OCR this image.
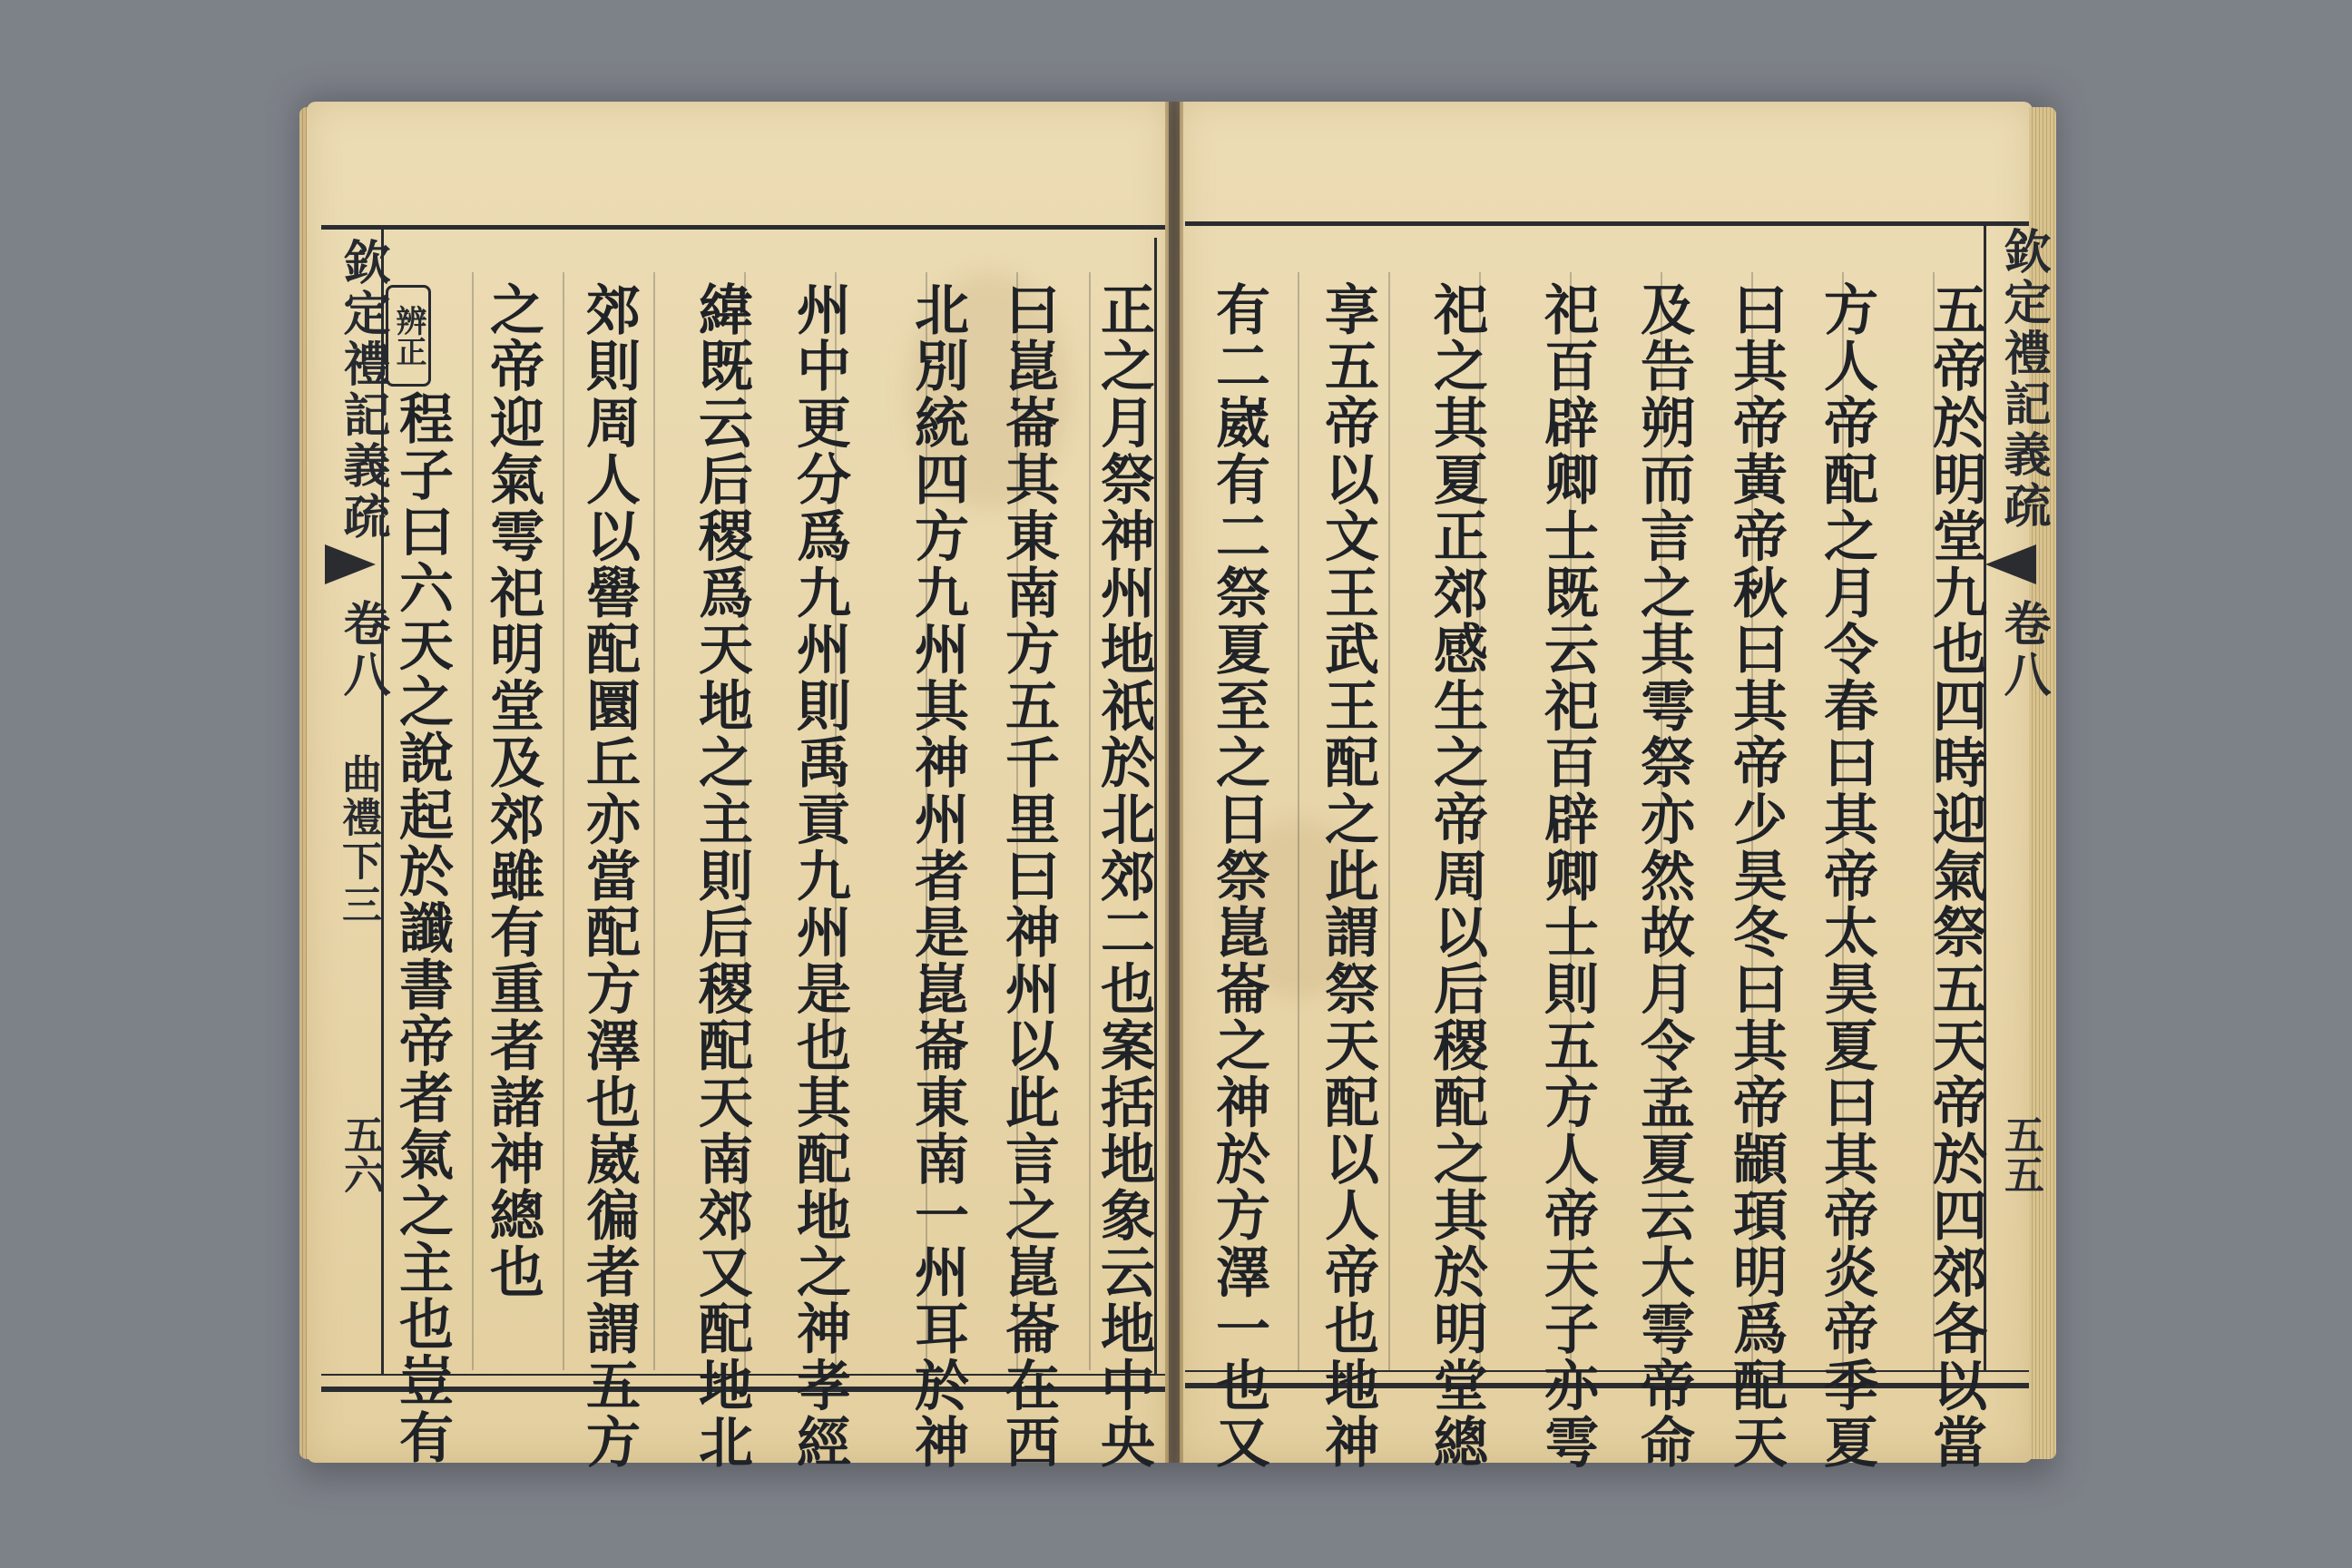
欽定禮記義疏
卷八
曲禮下三
五六
辨正	正之月祭神州地祇於北郊二也案括地象云地中央
曰崑崙其東南方五千里曰神州以此言之崑崙在西
北別統四方九州其神州者是崑崙東南一州耳於神
州中更分爲九州則禹貢九州是也其配地之神孝經
緯既云后稷爲天地之主則后稷配天南郊又配地北
郊則周人以嚳配圜丘亦當配方澤也崴徧者謂五方
之帝迎氣雩祀明堂及郊雖有重者諸神總也
程子曰六天之說起於讖書帝者氣之主也豈有	五帝於明堂九也四時迎氣祭五天帝於四郊各以當
方人帝配之月令春曰其帝太昊夏曰其帝炎帝季夏
曰其帝黃帝秋曰其帝少昊冬曰其帝顓頊明爲配天
及告朔而言之其雩祭亦然故月令孟夏云大雩帝命
祀百辟卿士既云祀百辟卿士則五方人帝天子亦雩
祀之其夏正郊感生之帝周以后稷配之其於明堂總
享五帝以文王武王配之此謂祭天配以人帝也地神
有二崴有二祭夏至之日祭崑崙之神於方澤一也又	欽定禮記義疏
卷八
五五
